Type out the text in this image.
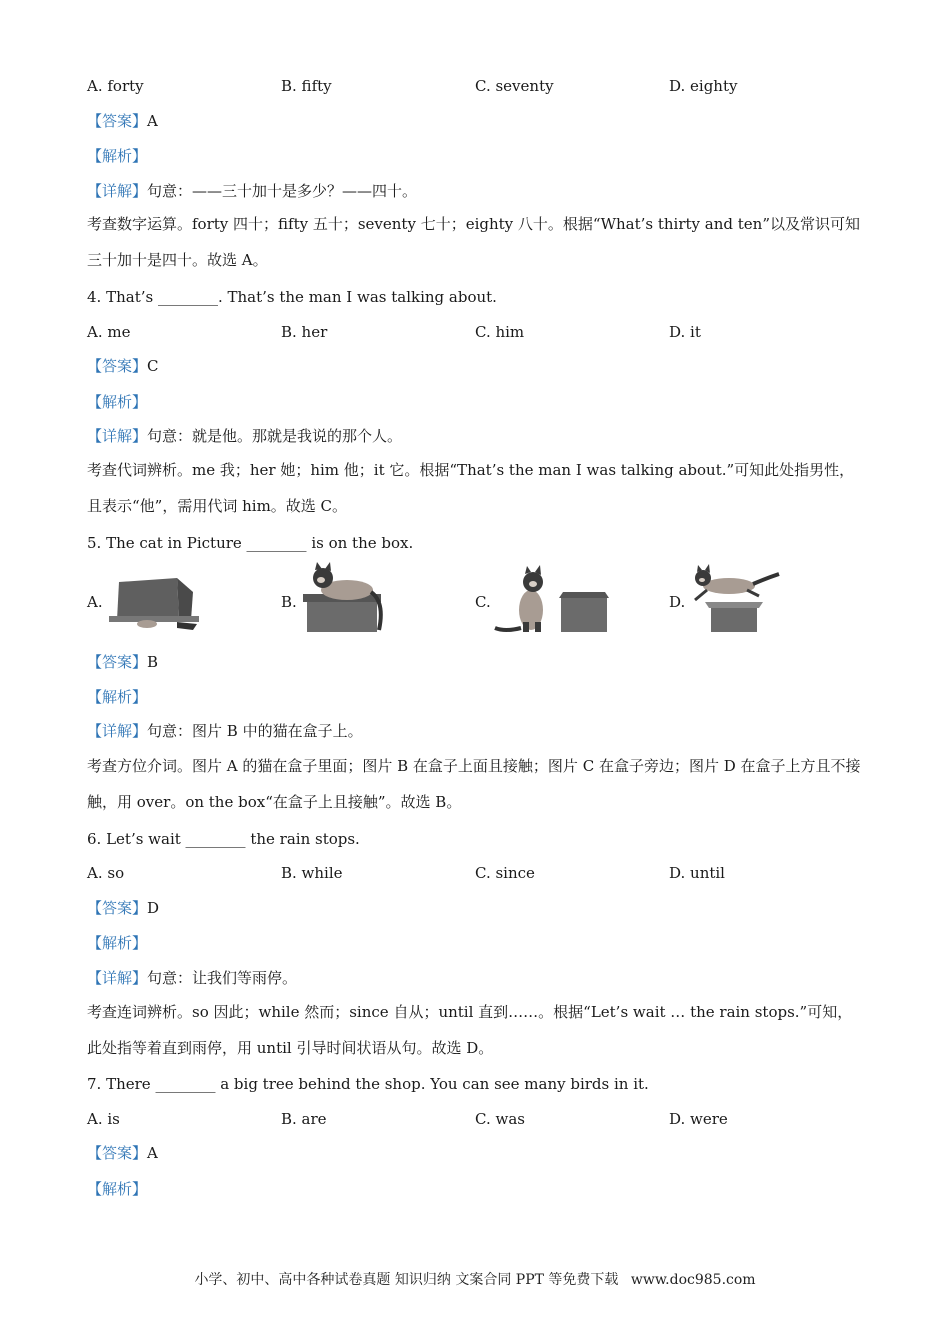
A. forty	B. fifty	C. seventy	D. eighty
【答案】A
【解析】
【详解】句意：——三十加十是多少？——四十。
考查数字运算。forty 四十；fifty 五十；seventy 七十；eighty 八十。根据“What’s thirty and ten”以及常识可知三十加十是四十。故选 A。
4. That’s ________. That’s the man I was talking about.
A. me	B. her	C. him	D. it
【答案】C
【解析】
【详解】句意：就是他。那就是我说的那个人。
考查代词辨析。me 我；her 她；him 他；it 它。根据“That’s the man I was talking about.”可知此处指男性，且表示“他”，需用代词 him。故选 C。
5. The cat in Picture ________ is on the box.
A.	B.	C.	D.
【答案】B
【解析】
【详解】句意：图片 B 中的猫在盒子上。
考查方位介词。图片 A 的猫在盒子里面；图片 B 在盒子上面且接触；图片 C 在盒子旁边；图片 D 在盒子上方且不接触，用 over。on the box“在盒子上且接触”。故选 B。
6. Let’s wait ________ the rain stops.
A. so	B. while	C. since	D. until
【答案】D
【解析】
【详解】句意：让我们等雨停。
考查连词辨析。so 因此；while 然而；since 自从；until 直到……。根据“Let’s wait … the rain stops.”可知，此处指等着直到雨停，用 until 引导时间状语从句。故选 D。
7. There ________ a big tree behind the shop. You can see many birds in it.
A. is	B. are	C. was	D. were
【答案】A
【解析】
小学、初中、高中各种试卷真题 知识归纳 文案合同 PPT 等免费下载 www.doc985.com
